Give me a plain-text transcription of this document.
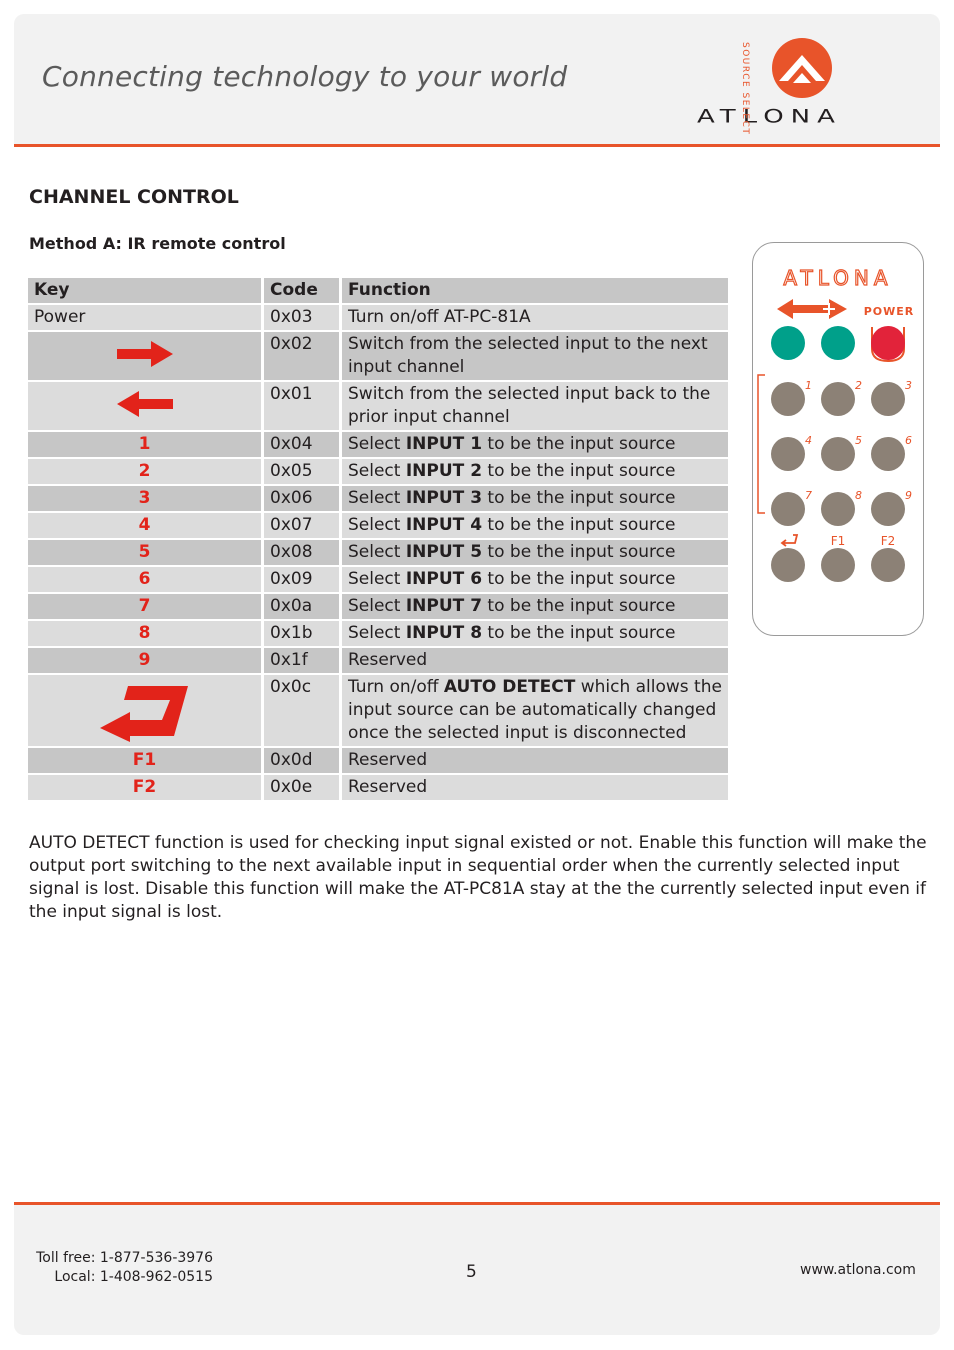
Connecting technology to your world
ATLONA
CHANNEL CONTROL
Method A: IR remote control
Key	Code	Function
Power	0x03	Turn on/off AT-PC-81A

	0x02	Switch from the selected input to the next input channel

	0x01	Switch from the selected input back to the prior input channel
1	0x04	Select INPUT 1 to be the input source
2	0x05	Select INPUT 2 to be the input source
3	0x06	Select INPUT 3 to be the input source
4	0x07	Select INPUT 4 to be the input source
5	0x08	Select INPUT 5 to be the input source
6	0x09	Select INPUT 6 to be the input source
7	0x0a	Select INPUT 7 to be the input source
8	0x1b	Select INPUT 8 to be the input source
9	0x1f	Reserved

	0x0c	Turn on/off AUTO DETECT which allows the input source can be automatically changed once the selected input is disconnected
F1	0x0d	Reserved
F2	0x0e	Reserved
ATLONA
POWER
SOURCE SELECT
1	2	3
4	5	6
7	8	9
F1	F2

AUTO DETECT function is used for checking input signal existed or not. Enable this function will make the output port switching to the next available input in sequential order when the currently selected input signal is lost. Disable this function will make the AT-PC81A stay at the the currently selected input even if the input signal is lost.

Toll free: 1-877-536-3976
Local: 1-408-962-0515	5	www.atlona.com
